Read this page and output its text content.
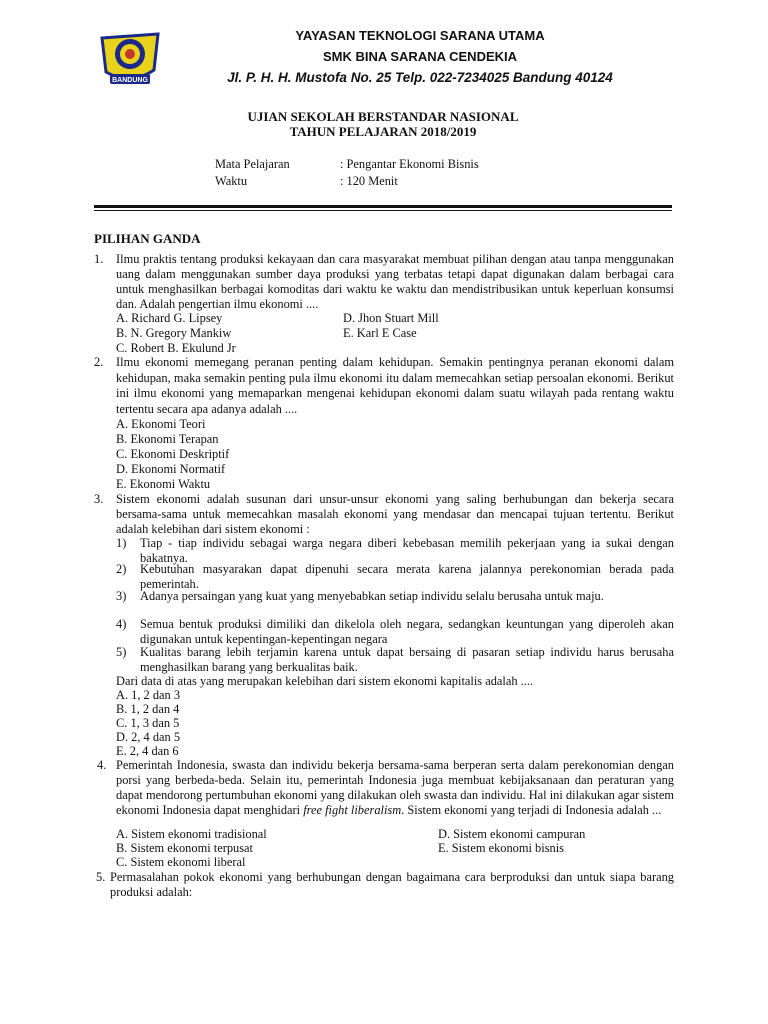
BANDUNG
YAYASAN TEKNOLOGI SARANA UTAMA
SMK BINA SARANA CENDEKIA
Jl. P. H. H. Mustofa No. 25 Telp. 022-7234025 Bandung 40124
UJIAN SEKOLAH BERSTANDAR NASIONAL
TAHUN PELAJARAN 2018/2019
Mata Pelajaran	: Pengantar Ekonomi Bisnis
Waktu	: 120 Menit
PILIHAN GANDA
1. Ilmu praktis tentang produksi kekayaan dan cara masyarakat membuat pilihan dengan atau tanpa menggunakan uang dalam menggunakan sumber daya produksi yang terbatas tetapi dapat digunakan dalam berbagai cara untuk menghasilkan berbagai komoditas dari waktu ke waktu dan mendistribusikan untuk keperluan konsumsi dan. Adalah pengertian ilmu ekonomi ....
A. Richard G. Lipsey	D. Jhon Stuart Mill
B. N. Gregory Mankiw	E. Karl E Case
C. Robert B. Ekulund Jr
2. Ilmu ekonomi memegang peranan penting dalam kehidupan. Semakin pentingnya peranan ekonomi dalam kehidupan, maka semakin penting pula ilmu ekonomi itu dalam memecahkan setiap persoalan ekonomi. Berikut ini ilmu ekonomi yang memaparkan mengenai kehidupan ekonomi dalam suatu wilayah pada rentang waktu tertentu secara apa adanya adalah ....
A. Ekonomi Teori
B. Ekonomi Terapan
C. Ekonomi Deskriptif
D. Ekonomi Normatif
E. Ekonomi Waktu
3. Sistem ekonomi adalah susunan dari unsur-unsur ekonomi yang saling berhubungan dan bekerja secara bersama-sama untuk memecahkan masalah ekonomi yang mendasar dan mencapai tujuan tertentu. Berikut adalah kelebihan dari sistem ekonomi :
1) Tiap - tiap individu sebagai warga negara diberi kebebasan memilih pekerjaan yang ia sukai dengan bakatnya.
2) Kebutuhan masyarakan dapat dipenuhi secara merata karena jalannya perekonomian berada pada pemerintah.
3) Adanya persaingan yang kuat yang menyebabkan setiap individu selalu berusaha untuk maju.
4) Semua bentuk produksi dimiliki dan dikelola oleh negara, sedangkan keuntungan yang diperoleh akan digunakan untuk kepentingan-kepentingan negara
5) Kualitas barang lebih terjamin karena untuk dapat bersaing di pasaran setiap individu harus berusaha menghasilkan barang yang berkualitas baik.
Dari data di atas yang merupakan kelebihan dari sistem ekonomi kapitalis adalah ....
A. 1, 2 dan 3
B. 1, 2 dan 4
C. 1, 3 dan 5
D. 2, 4 dan 5
E. 2, 4 dan 6
4. Pemerintah Indonesia, swasta dan individu bekerja bersama-sama berperan serta dalam perekonomian dengan porsi yang berbeda-beda. Selain itu, pemerintah Indonesia juga membuat kebijaksanaan dan peraturan yang dapat mendorong pertumbuhan ekonomi yang dilakukan oleh swasta dan individu. Hal ini dilakukan agar sistem ekonomi Indonesia dapat menghidari free fight liberalism. Sistem ekonomi yang terjadi di Indonesia adalah ...
A. Sistem ekonomi tradisional	D. Sistem ekonomi campuran
B. Sistem ekonomi terpusat	E. Sistem ekonomi bisnis
C. Sistem ekonomi liberal
5. Permasalahan pokok ekonomi yang berhubungan dengan bagaimana cara berproduksi dan untuk siapa barang produksi adalah:
